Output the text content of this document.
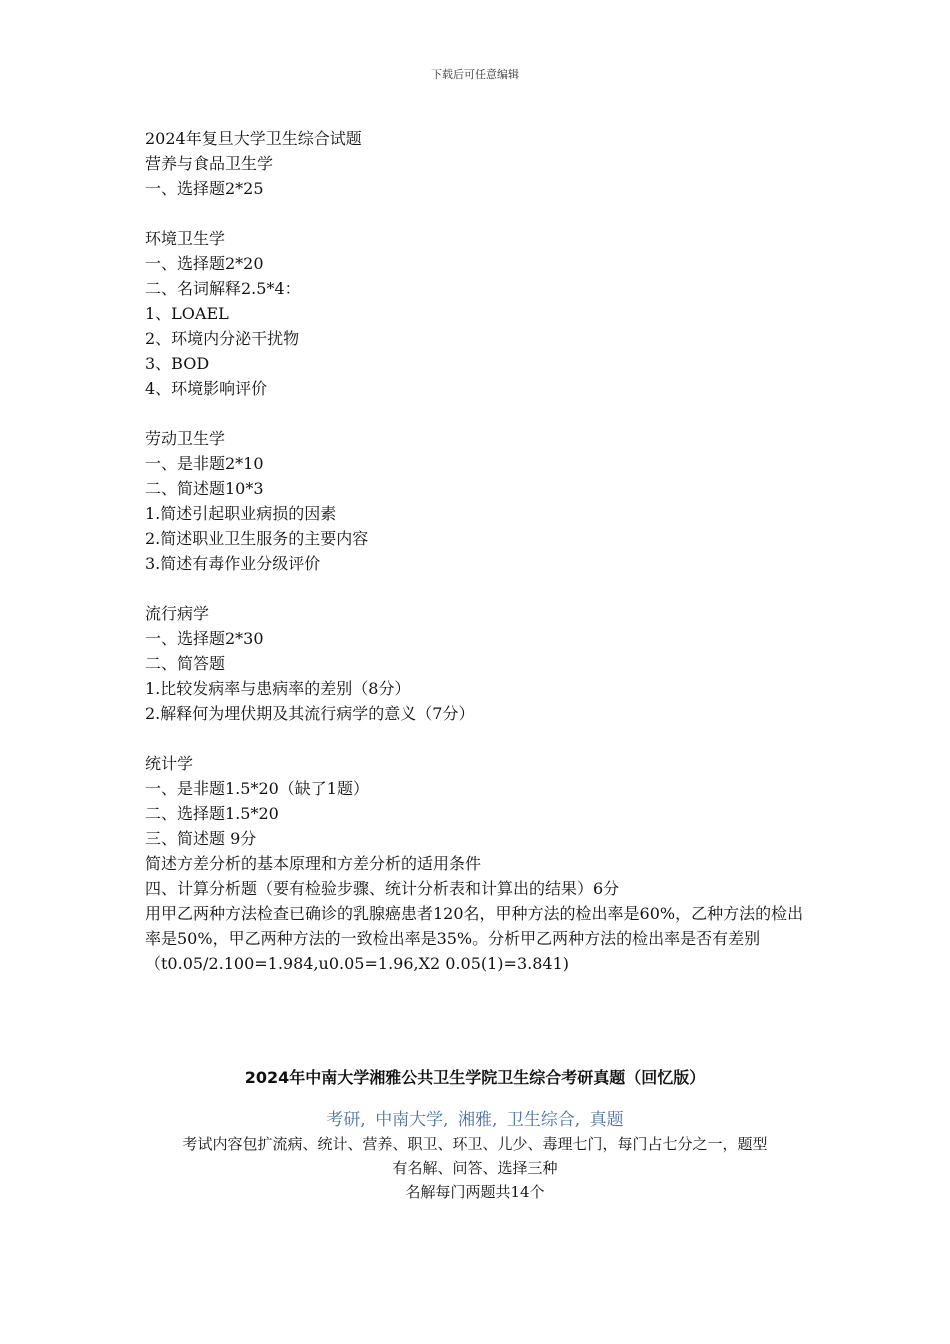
下载后可任意编辑
2024年复旦大学卫生综合试题
营养与食品卫生学
一、选择题2*25
环境卫生学
一、选择题2*20
二、名词解释2.5*4：
1、LOAEL
2、环境内分泌干扰物
3、BOD
4、环境影响评价
劳动卫生学
一、是非题2*10
二、简述题10*3
1.简述引起职业病损的因素
2.简述职业卫生服务的主要内容
3.简述有毒作业分级评价
流行病学
一、选择题2*30
二、简答题
1.比较发病率与患病率的差别（8分）
2.解释何为埋伏期及其流行病学的意义（7分）
统计学
一、是非题1.5*20（缺了1题）
二、选择题1.5*20
三、简述题 9分
简述方差分析的基本原理和方差分析的适用条件
四、计算分析题（要有检验步骤、统计分析表和计算出的结果）6分
用甲乙两种方法检查已确诊的乳腺癌患者120名，甲种方法的检出率是60%，乙种方法的检出率是50%，甲乙两种方法的一致检出率是35%。分析甲乙两种方法的检出率是否有差别
（t0.05/2.100=1.984,u0.05=1.96,X2 0.05(1)=3.841)
2024年中南大学湘雅公共卫生学院卫生综合考研真题（回忆版）
考研, 中南大学, 湘雅, 卫生综合, 真题
考试内容包扩流病、统计、营养、职卫、环卫、儿少、毒理七门，每门占七分之一，题型
有名解、问答、选择三种
名解每门两题共14个
